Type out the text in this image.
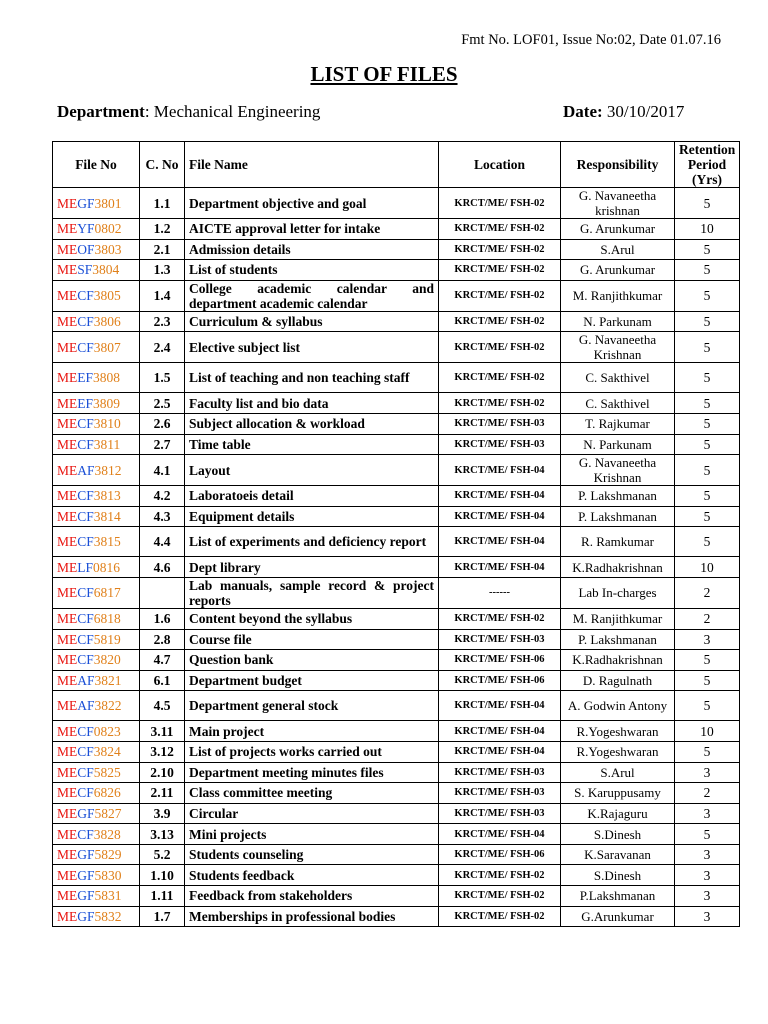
Fmt No. LOF01, Issue No:02, Date 01.07.16
LIST OF FILES
Department: Mechanical Engineering	Date: 30/10/2017
File No	C. No	File Name	Location	Responsibility	Retention Period (Yrs)
MEGF3801	1.1	Department objective and goal	KRCT/ME/ FSH-02	G. Navaneetha krishnan	5
MEYF0802	1.2	AICTE approval letter for intake	KRCT/ME/ FSH-02	G. Arunkumar	10
MEOF3803	2.1	Admission details	KRCT/ME/ FSH-02	S.Arul	5
MESF3804	1.3	List of students	KRCT/ME/ FSH-02	G. Arunkumar	5
MECF3805	1.4	College academic calendar and department academic calendar	KRCT/ME/ FSH-02	M. Ranjithkumar	5
MECF3806	2.3	Curriculum & syllabus	KRCT/ME/ FSH-02	N. Parkunam	5
MECF3807	2.4	Elective subject list	KRCT/ME/ FSH-02	G. Navaneetha Krishnan	5
MEEF3808	1.5	List of teaching and non teaching staff	KRCT/ME/ FSH-02	C. Sakthivel	5
MEEF3809	2.5	Faculty list and bio data	KRCT/ME/ FSH-02	C. Sakthivel	5
MECF3810	2.6	Subject allocation & workload	KRCT/ME/ FSH-03	T. Rajkumar	5
MECF3811	2.7	Time table	KRCT/ME/ FSH-03	N. Parkunam	5
MEAF3812	4.1	Layout	KRCT/ME/ FSH-04	G. Navaneetha Krishnan	5
MECF3813	4.2	Laboratoeis detail	KRCT/ME/ FSH-04	P. Lakshmanan	5
MECF3814	4.3	Equipment details	KRCT/ME/ FSH-04	P. Lakshmanan	5
MECF3815	4.4	List of experiments and deficiency report	KRCT/ME/ FSH-04	R. Ramkumar	5
MELF0816	4.6	Dept library	KRCT/ME/ FSH-04	K.Radhakrishnan	10
MECF6817		Lab manuals, sample record & project reports	------	Lab In-charges	2
MECF6818	1.6	Content beyond the syllabus	KRCT/ME/ FSH-02	M. Ranjithkumar	2
MECF5819	2.8	Course file	KRCT/ME/ FSH-03	P. Lakshmanan	3
MECF3820	4.7	Question bank	KRCT/ME/ FSH-06	K.Radhakrishnan	5
MEAF3821	6.1	Department budget	KRCT/ME/ FSH-06	D. Ragulnath	5
MEAF3822	4.5	Department general stock	KRCT/ME/ FSH-04	A. Godwin Antony	5
MECF0823	3.11	Main project	KRCT/ME/ FSH-04	R.Yogeshwaran	10
MECF3824	3.12	List of projects works carried out	KRCT/ME/ FSH-04	R.Yogeshwaran	5
MECF5825	2.10	Department meeting minutes files	KRCT/ME/ FSH-03	S.Arul	3
MECF6826	2.11	Class committee meeting	KRCT/ME/ FSH-03	S. Karuppusamy	2
MEGF5827	3.9	Circular	KRCT/ME/ FSH-03	K.Rajaguru	3
MECF3828	3.13	Mini projects	KRCT/ME/ FSH-04	S.Dinesh	5
MEGF5829	5.2	Students counseling	KRCT/ME/ FSH-06	K.Saravanan	3
MEGF5830	1.10	Students feedback	KRCT/ME/ FSH-02	S.Dinesh	3
MEGF5831	1.11	Feedback from stakeholders	KRCT/ME/ FSH-02	P.Lakshmanan	3
MEGF5832	1.7	Memberships in professional bodies	KRCT/ME/ FSH-02	G.Arunkumar	3
